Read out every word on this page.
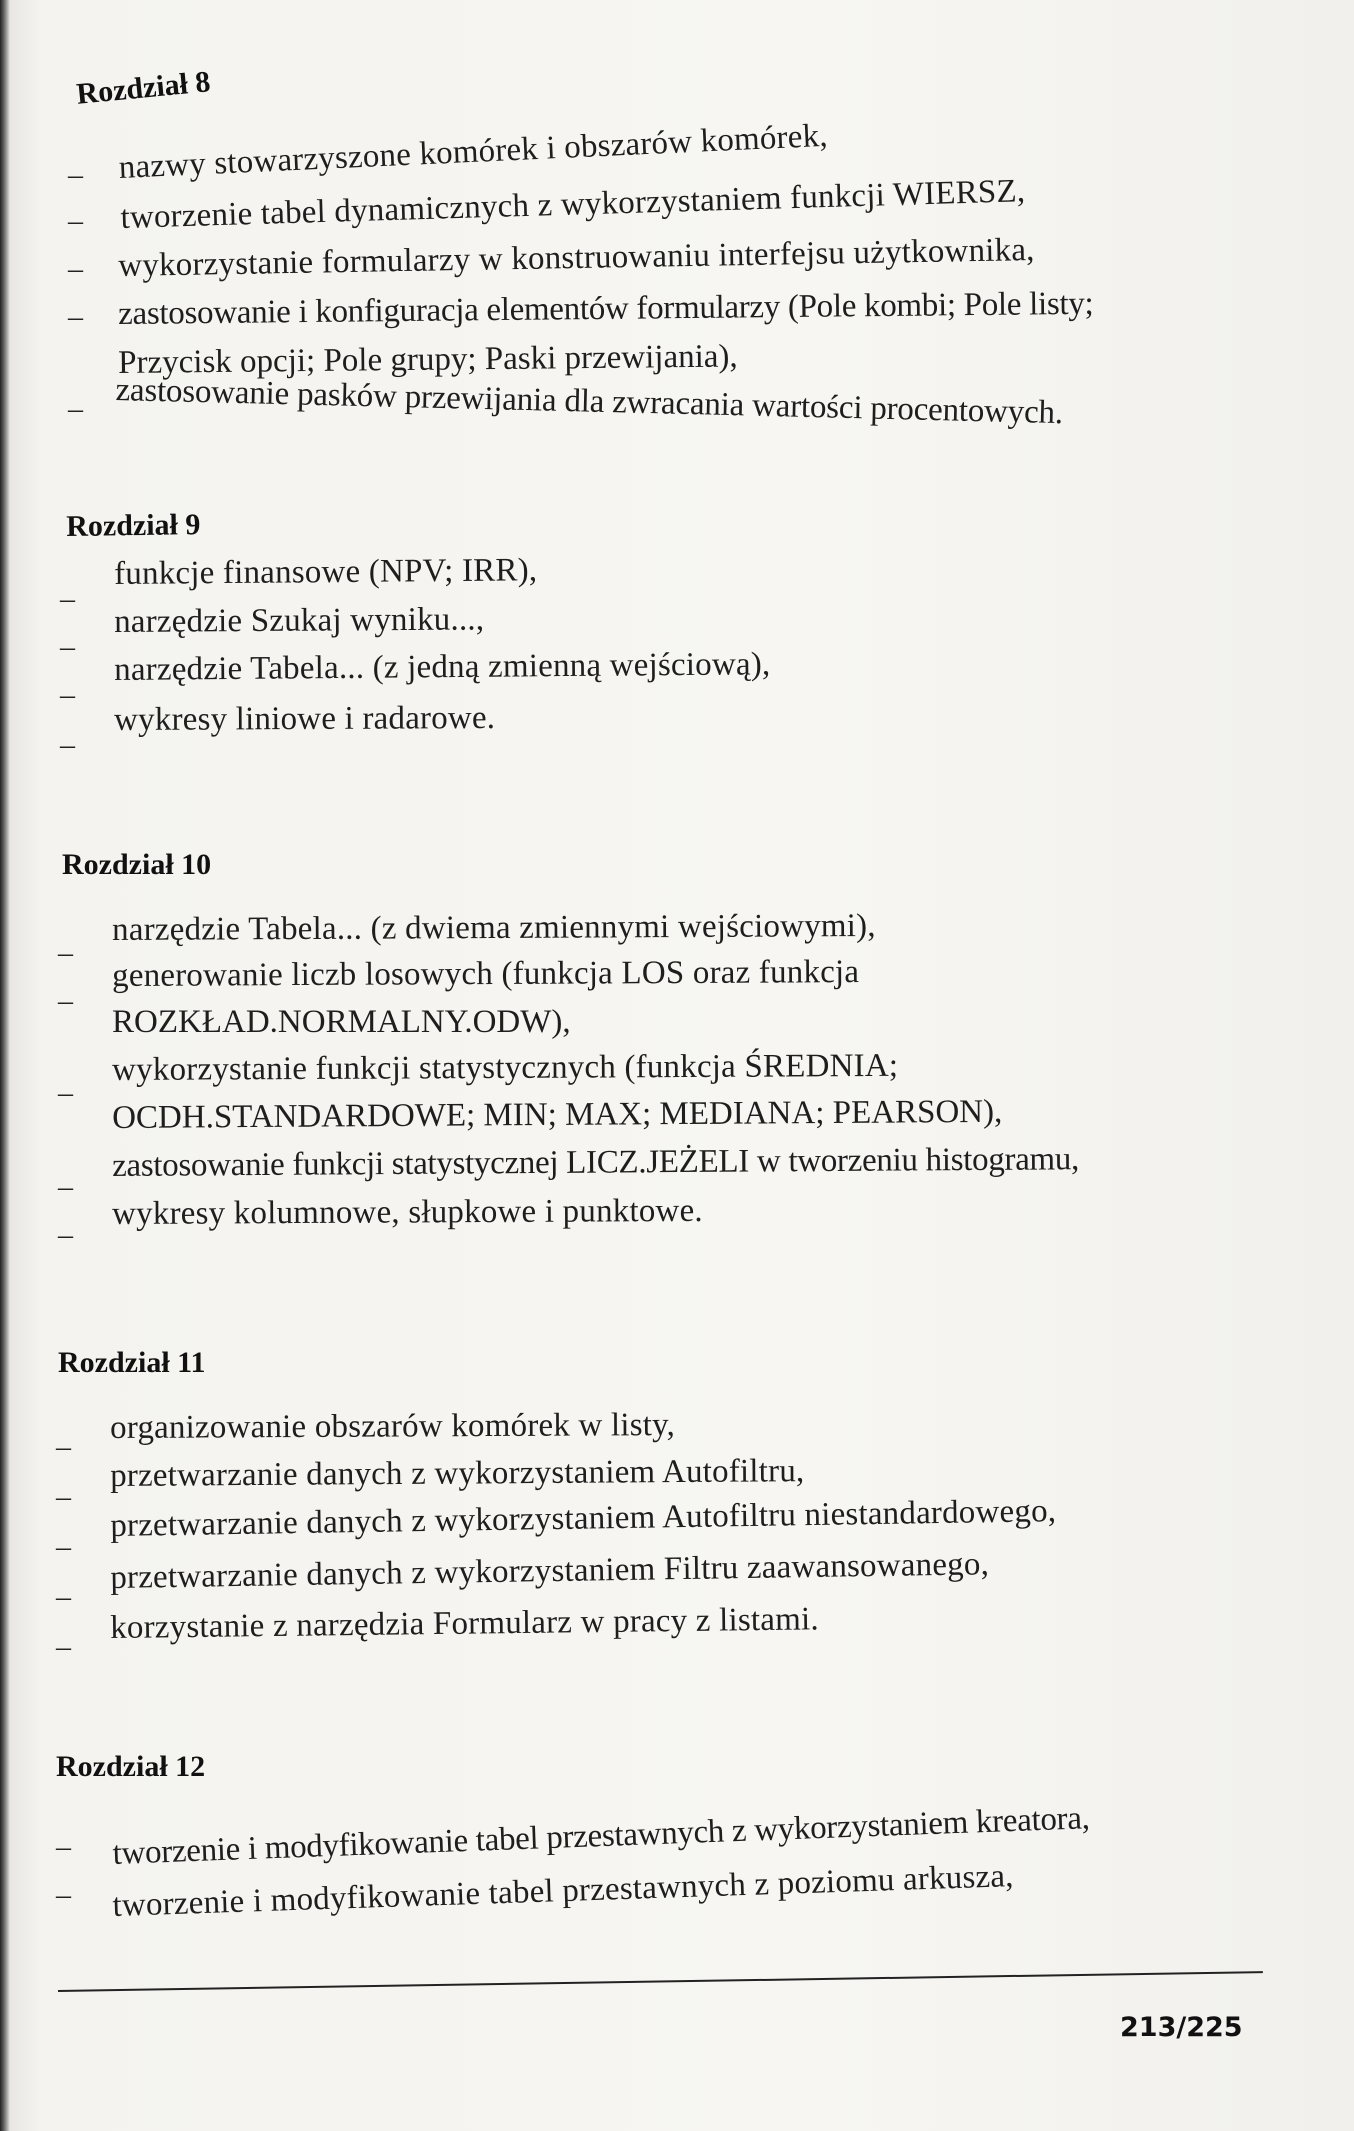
Rozdział 8
– nazwy stowarzyszone komórek i obszarów komórek,
– tworzenie tabel dynamicznych z wykorzystaniem funkcji WIERSZ,
– wykorzystanie formularzy w konstruowaniu interfejsu użytkownika,
– zastosowanie i konfiguracja elementów formularzy (Pole kombi; Pole listy;
Przycisk opcji; Pole grupy; Paski przewijania),
– zastosowanie pasków przewijania dla zwracania wartości procentowych.
Rozdział 9
–
funkcje finansowe (NPV; IRR),
–
narzędzie Szukaj wyniku...,
–
narzędzie Tabela... (z jedną zmienną wejściową),
–
wykresy liniowe i radarowe.
Rozdział 10
–
narzędzie Tabela... (z dwiema zmiennymi wejściowymi),
–
generowanie liczb losowych (funkcja LOS oraz funkcja
ROZKŁAD.NORMALNY.ODW),
–
wykorzystanie funkcji statystycznych (funkcja ŚREDNIA;
OCDH.STANDARDOWE; MIN; MAX; MEDIANA; PEARSON),
–
zastosowanie funkcji statystycznej LICZ.JEŻELI w tworzeniu histogramu,
–
wykresy kolumnowe, słupkowe i punktowe.
Rozdział 11
–
organizowanie obszarów komórek w listy,
–
przetwarzanie danych z wykorzystaniem Autofiltru,
–
przetwarzanie danych z wykorzystaniem Autofiltru niestandardowego,
–
przetwarzanie danych z wykorzystaniem Filtru zaawansowanego,
–
korzystanie z narzędzia Formularz w pracy z listami.
Rozdział 12
– tworzenie i modyfikowanie tabel przestawnych z wykorzystaniem kreatora,
– tworzenie i modyfikowanie tabel przestawnych z poziomu arkusza,
213/225
